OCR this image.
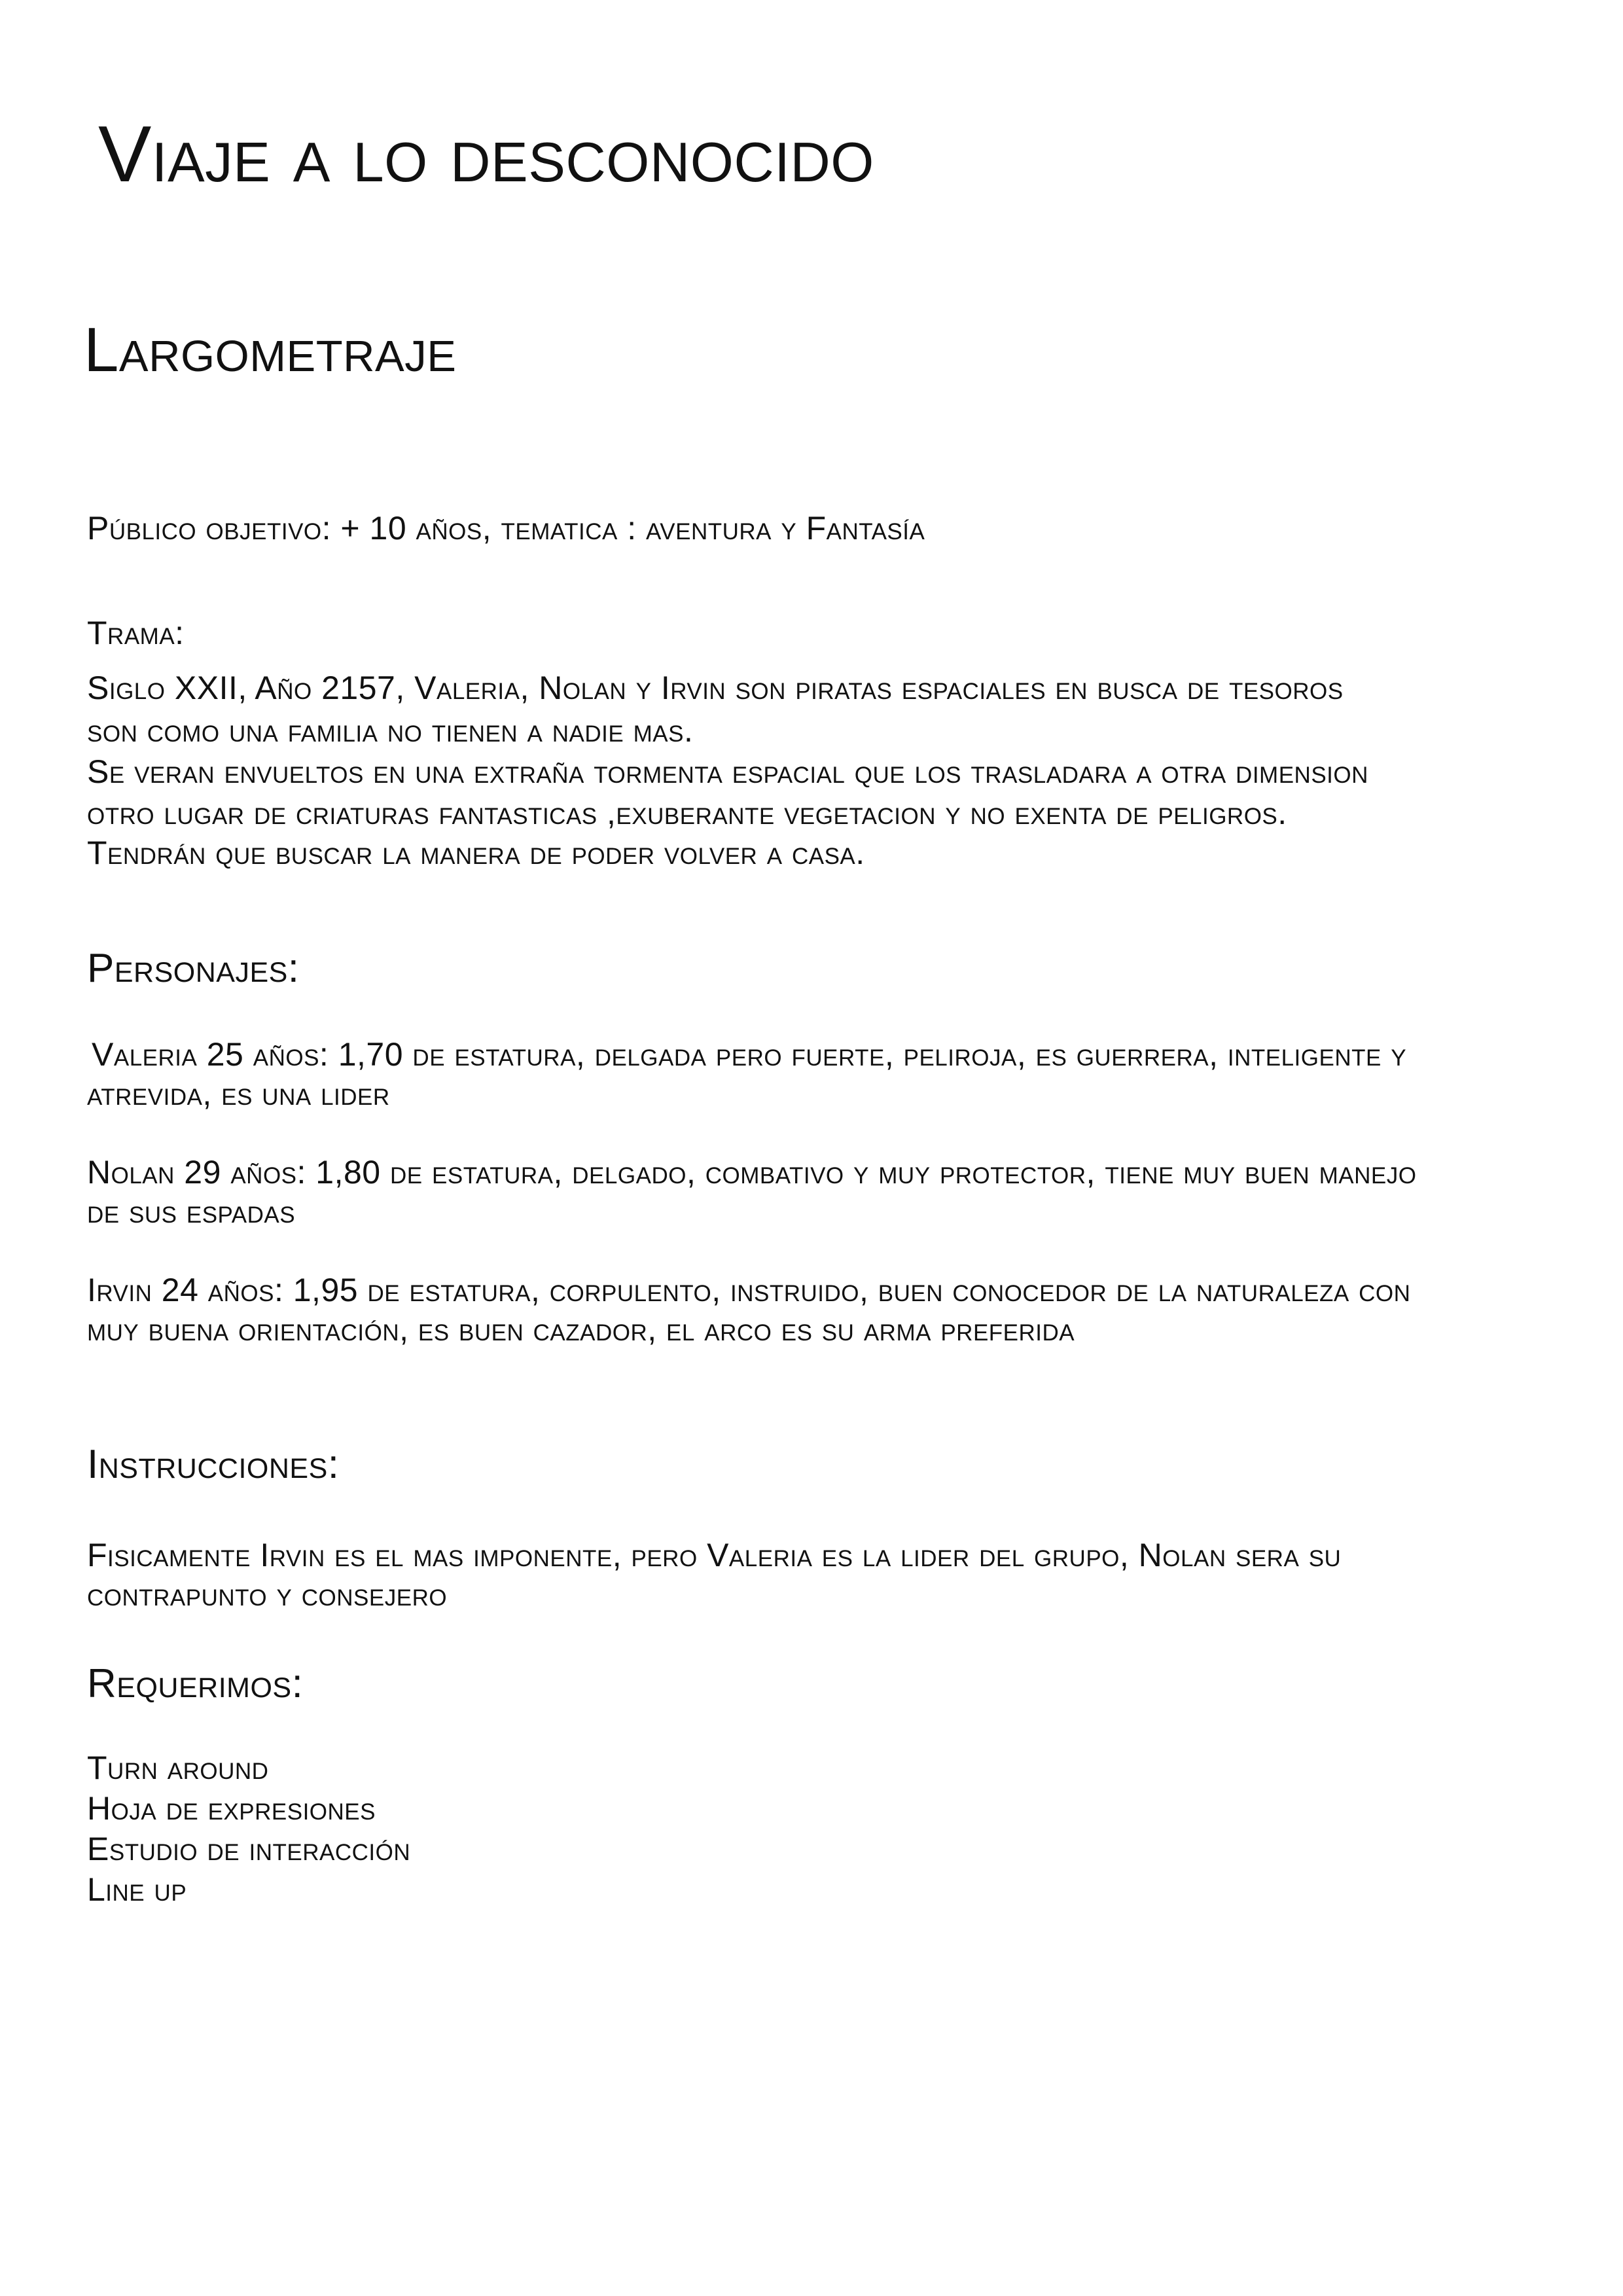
Viaje a lo desconocido
Largometraje

Público objetivo: + 10 años, tematica : aventura y Fantasía

Trama:

Siglo XXII, Año 2157, Valeria, Nolan y Irvin son piratas espaciales en busca de tesoros

son como una familia no tienen a nadie mas.

Se veran envueltos en una extraña tormenta espacial que los trasladara a otra dimension

otro lugar de criaturas fantasticas ,exuberante vegetacion y no exenta de peligros.

Tendrán que buscar la manera de poder volver a casa.

Personajes:

Valeria 25 años: 1,70 de estatura, delgada pero fuerte, peliroja, es guerrera, inteligente y

atrevida, es una lider

Nolan 29 años: 1,80 de estatura, delgado, combativo y muy protector, tiene muy buen manejo

de sus espadas

Irvin 24 años: 1,95 de estatura, corpulento, instruido, buen conocedor de la naturaleza con

muy buena orientación, es buen cazador, el arco es su arma preferida

Instrucciones:

Fisicamente Irvin es el mas imponente, pero Valeria es la lider del grupo, Nolan sera su

contrapunto y consejero

Requerimos:

Turn around
Hoja de expresiones
Estudio de interacción
Line up
